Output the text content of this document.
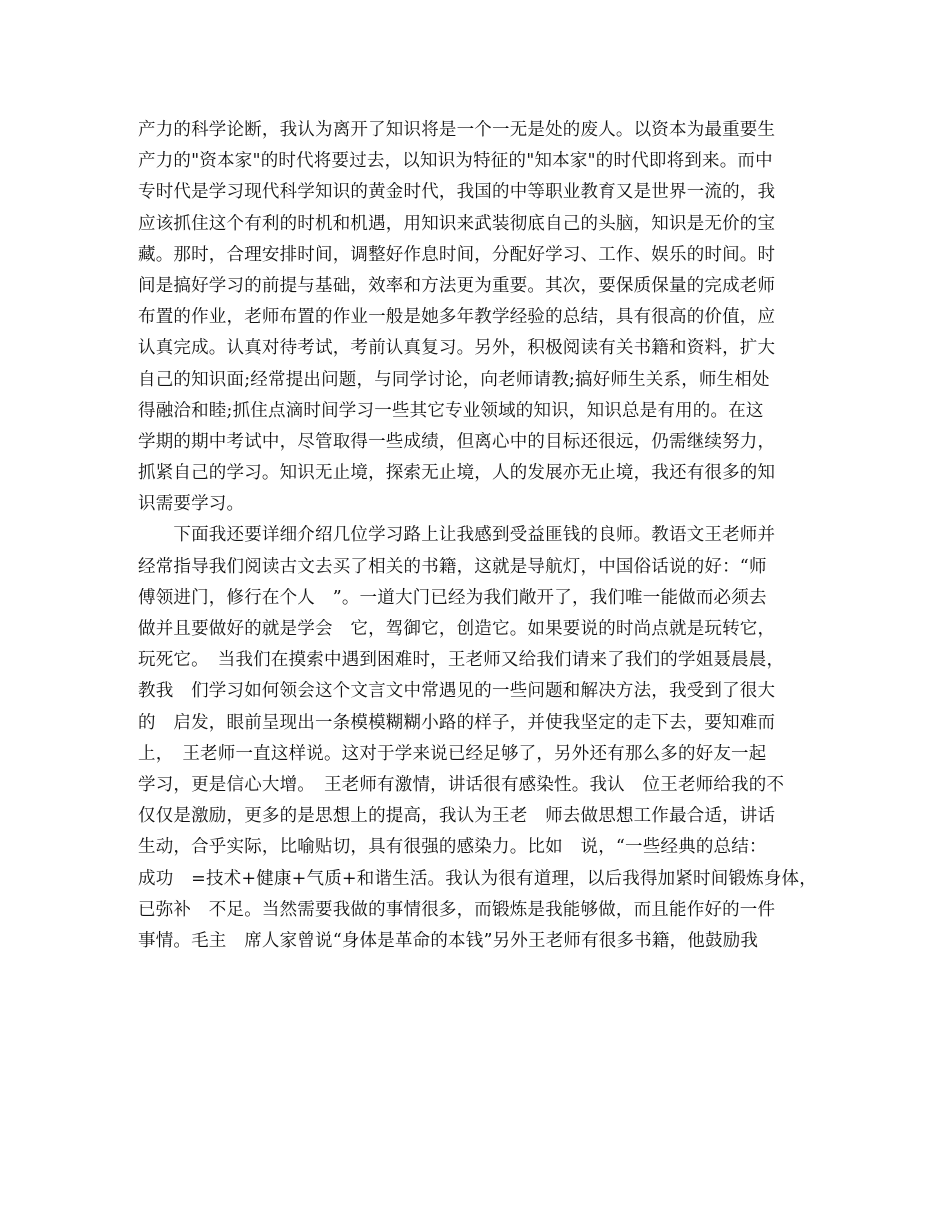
产力的科学论断，我认为离开了知识将是一个一无是处的废人。以资本为最重要生
产力的"资本家"的时代将要过去，以知识为特征的"知本家"的时代即将到来。而中
专时代是学习现代科学知识的黄金时代，我国的中等职业教育又是世界一流的，我
应该抓住这个有利的时机和机遇，用知识来武装彻底自己的头脑，知识是无价的宝
藏。那时，合理安排时间，调整好作息时间，分配好学习、工作、娱乐的时间。时
间是搞好学习的前提与基础，效率和方法更为重要。其次，要保质保量的完成老师
布置的作业，老师布置的作业一般是她多年教学经验的总结，具有很高的价值，应
认真完成。认真对待考试，考前认真复习。另外，积极阅读有关书籍和资料，扩大
自己的知识面;经常提出问题，与同学讨论，向老师请教;搞好师生关系，师生相处
得融洽和睦;抓住点滴时间学习一些其它专业领域的知识，知识总是有用的。在这
学期的期中考试中，尽管取得一些成绩，但离心中的目标还很远，仍需继续努力，
抓紧自己的学习。知识无止境，探索无止境，人的发展亦无止境，我还有很多的知
识需要学习。
　　下面我还要详细介绍几位学习路上让我感到受益匪钱的良师。教语文王老师并
经常指导我们阅读古文去买了相关的书籍，这就是导航灯，中国俗话说的好：“师
傅领进门，修行在个人　”。一道大门已经为我们敞开了，我们唯一能做而必须去
做并且要做好的就是学会　它，驾御它，创造它。如果要说的时尚点就是玩转它，
玩死它。　当我们在摸索中遇到困难时，王老师又给我们请来了我们的学姐聂晨晨，
教我　们学习如何领会这个文言文中常遇见的一些问题和解决方法，我受到了很大
的　启发，眼前呈现出一条模模糊糊小路的样子，并使我坚定的走下去，要知难而
上，　王老师一直这样说。这对于学来说已经足够了，另外还有那么多的好友一起
学习，更是信心大增。　王老师有激情，讲话很有感染性。我认　位王老师给我的不
仅仅是激励，更多的是思想上的提高，我认为王老　师去做思想工作最合适，讲话
生动，合乎实际，比喻贴切，具有很强的感染力。比如　说，“一些经典的总结：
成功　=技术+健康+气质+和谐生活。我认为很有道理，以后我得加紧时间锻炼身体，
已弥补　不足。当然需要我做的事情很多，而锻炼是我能够做，而且能作好的一件
事情。毛主　席人家曾说“身体是革命的本钱”另外王老师有很多书籍，他鼓励我
